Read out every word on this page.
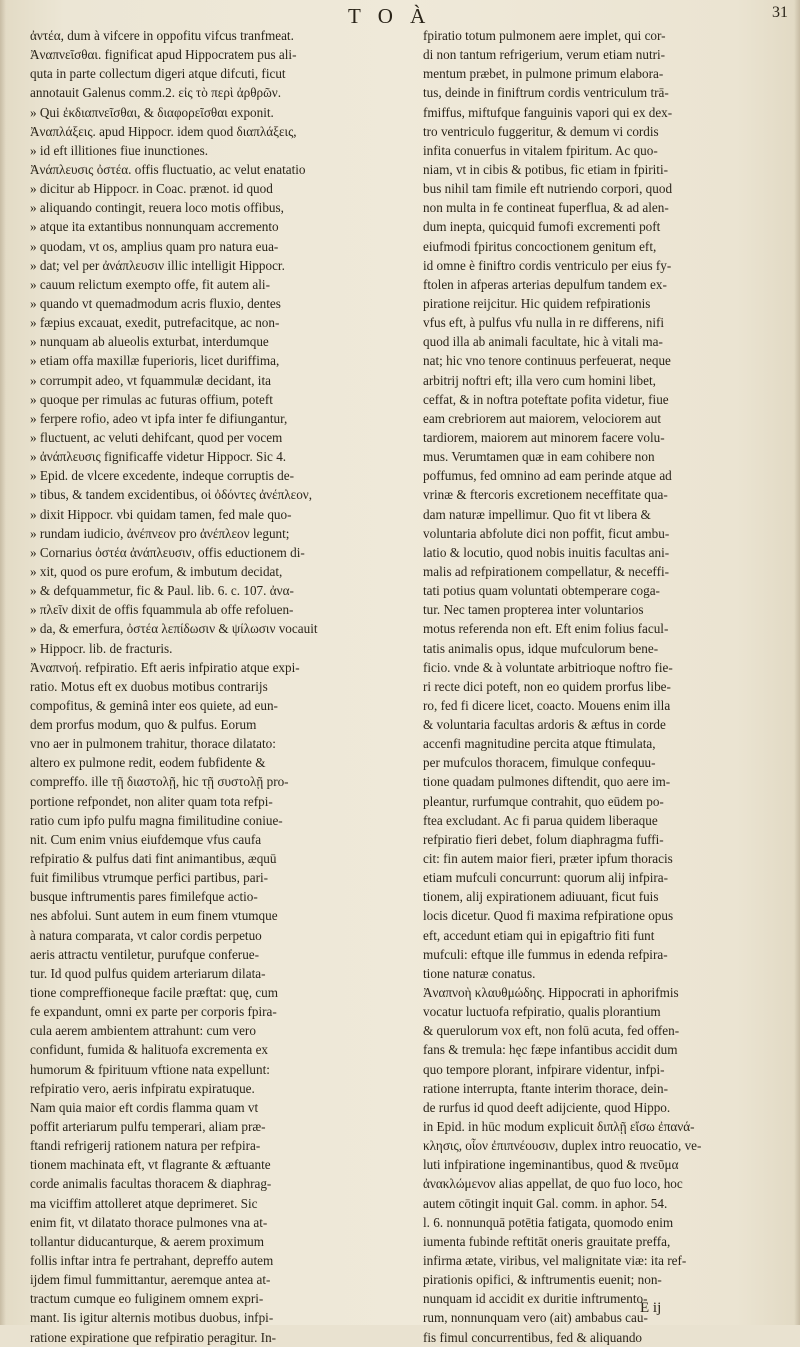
T O À	31
ἀντέα, dum à vifcere in oppofitu vifcus tranfmeat.
Ἀναπνεῖσθαι. fignificat apud Hippocratem pus ali-
quta in parte collectum digeri atque difcuti, ficut
annotauit Galenus comm.2. εἰς τὸ περὶ ἀρθρῶν.
» Qui ἐκδιαπνεῖσθαι, & διαφορεῖσθαι exponit.
Ἀναπλάξεις. apud Hippocr. idem quod διαπλάξεις,
» id eft illitiones fiue inunctiones.
Ἀνάπλευσις ὀστέα. offis fluctuatio, ac velut enatatio
» dicitur ab Hippocr. in Coac. prænot. id quod
» aliquando contingit, reuera loco motis offibus,
» atque ita extantibus nonnunquam accremento
» quodam, vt os, amplius quam pro natura eua-
» dat; vel per ἀνάπλευσιν illic intelligit Hippocr.
» cauum relictum exempto offe, fit autem ali-
» quando vt quemadmodum acris fluxio, dentes
» fæpius excauat, exedit, putrefacitque, ac non-
» nunquam ab alueolis exturbat, interdumque
» etiam offa maxillæ fuperioris, licet duriffima,
» corrumpit adeo, vt fquammulæ decidant, ita
» quoque per rimulas ac futuras offium, poteft
» ferpere rofio, adeo vt ipfa inter fe difiungantur,
» fluctuent, ac veluti dehifcant, quod per vocem
» ἀνάπλευσις fignificaffe videtur Hippocr. Sic 4.
» Epid. de vlcere excedente, indeque corruptis de-
» tibus, & tandem excidentibus, οἱ ὀδόντες ἀνέπλεον,
» dixit Hippocr. vbi quidam tamen, fed male quo-
» rundam iudicio, ἀνέπνεον pro ἀνέπλεον legunt;
» Cornarius ὀστέα ἀνάπλευσιν, offis eductionem di-
» xit, quod os pure erofum, & imbutum decidat,
» & defquammetur, fic & Paul. lib. 6. c. 107. ἀνα-
» πλεῖν dixit de offis fquammula ab offe refoluen-
» da, & emerfura, ὀστέα λεπίδωσιν & ψίλωσιν vocauit
» Hippocr. lib. de fracturis.
Ἀναπνοή. refpiratio. Eft aeris infpiratio atque expi-
ratio. Motus eft ex duobus motibus contrarijs
compofitus, & geminâ inter eos quiete, ad eun-
dem prorfus modum, quo & pulfus. Eorum
vno aer in pulmonem trahitur, thorace dilatato:
altero ex pulmone redit, eodem fubfidente &
compreffo. ille τῇ διαστολῇ, hic τῇ συστολῇ pro-
portione refpondet, non aliter quam tota refpi-
ratio cum ipfo pulfu magna fimilitudine coniue-
nit. Cum enim vnius eiufdemque vfus caufa
refpiratio & pulfus dati fint animantibus, æquū
fuit fimilibus vtrumque perfici partibus, pari-
busque inftrumentis pares fimilefque actio-
nes abfolui. Sunt autem in eum finem vtumque
à natura comparata, vt calor cordis perpetuo
aeris attractu ventiletur, purufque conferue-
tur. Id quod pulfus quidem arteriarum dilata-
tione compreffioneque facile præftat: quę, cum
fe expandunt, omni ex parte per corporis fpira-
cula aerem ambientem attrahunt: cum vero
confidunt, fumida & halituofa excrementa ex
humorum & fpirituum vftione nata expellunt:
refpiratio vero, aeris infpiratu expiratuque.
Nam quia maior eft cordis flamma quam vt
poffit arteriarum pulfu temperari, aliam præ-
ftandi refrigerij rationem natura per refpira-
tionem machinata eft, vt flagrante & æftuante
corde animalis facultas thoracem & diaphrag-
ma viciffim attolleret atque deprimeret. Sic
enim fit, vt dilatato thorace pulmones vna at-
tollantur diducanturque, & aerem proximum
follis inftar intra fe pertrahant, depreffo autem
ijdem fimul fummittantur, aeremque antea at-
tractum cumque eo fuliginem omnem expri-
mant. Iis igitur alternis motibus duobus, infpi-
ratione expiratione que refpiratio peragitur. In-
fpiratio totum pulmonem aere implet, qui cor-
di non tantum refrigerium, verum etiam nutri-
mentum præbet, in pulmone primum elabora-
tus, deinde in finiftrum cordis ventriculum trā-
fmiffus, miftufque fanguinis vapori qui ex dex-
tro ventriculo fuggeritur, & demum vi cordis
infita conuerfus in vitalem fpiritum. Ac quo-
niam, vt in cibis & potibus, fic etiam in fpiriti-
bus nihil tam fimile eft nutriendo corpori, quod
non multa in fe contineat fuperflua, & ad alen-
dum inepta, quicquid fumofi excrementi poft
eiufmodi fpiritus concoctionem genitum eft,
id omne è finiftro cordis ventriculo per eius fy-
ftolen in afperas arterias depulfum tandem ex-
piratione reijcitur. Hic quidem refpirationis
vfus eft, à pulfus vfu nulla in re differens, nifi
quod illa ab animali facultate, hic à vitali ma-
nat; hic vno tenore continuus perfeuerat, neque
arbitrij noftri eft; illa vero cum homini libet,
ceffat, & in noftra poteftate pofita videtur, fiue
eam crebriorem aut maiorem, velociorem aut
tardiorem, maiorem aut minorem facere volu-
mus. Verumtamen quæ in eam cohibere non
poffumus, fed omnino ad eam perinde atque ad
vrinæ & ftercoris excretionem neceffitate qua-
dam naturæ impellimur. Quo fit vt libera &
voluntaria abfolute dici non poffit, ficut ambu-
latio & locutio, quod nobis inuitis facultas ani-
malis ad refpirationem compellatur, & neceffi-
tati potius quam voluntati obtemperare coga-
tur. Nec tamen propterea inter voluntarios
motus referenda non eft. Eft enim folius facul-
tatis animalis opus, idque mufculorum bene-
ficio. vnde & à voluntate arbitrioque noftro fie-
ri recte dici poteft, non eo quidem prorfus libe-
ro, fed fi dicere licet, coacto. Mouens enim illa
& voluntaria facultas ardoris & æftus in corde
accenfi magnitudine percita atque ftimulata,
per mufculos thoracem, fimulque confequu-
tione quadam pulmones diftendit, quo aere im-
pleantur, rurfumque contrahit, quo eūdem po-
ftea excludant. Ac fi parua quidem liberaque
refpiratio fieri debet, folum diaphragma fuffi-
cit: fin autem maior fieri, præter ipfum thoracis
etiam mufculi concurrunt: quorum alij infpira-
tionem, alij expirationem adiuuant, ficut fuis
locis dicetur. Quod fi maxima refpiratione opus
eft, accedunt etiam qui in epigaftrio fiti funt
mufculi: eftque ille fummus in edenda refpira-
tione naturæ conatus.
Ἀναπνοὴ κλαυθμώδης. Hippocrati in aphorifmis
vocatur luctuofa refpiratio, qualis plorantium
& querulorum vox eft, non folū acuta, fed offen-
fans & tremula: hęc fæpe infantibus accidit dum
quo tempore plorant, infpirare videntur, infpi-
ratione interrupta, ftante interim thorace, dein-
de rurfus id quod deeft adijciente, quod Hippo.
in Epid. in hūc modum explicuit διπλῇ εἴσω ἐπανά-
κλησις, οἷον ἐπιπνέουσιν, duplex intro reuocatio, ve-
luti infpiratione ingeminantibus, quod & πνεῦμα
ἀνακλώμενον alias appellat, de quo fuo loco, hoc
autem cōtingit inquit Gal. comm. in aphor. 54.
l. 6. nonnunquā potētia fatigata, quomodo enim
iumenta fubinde reftitāt oneris grauitate preffa,
infirma ætate, viribus, vel malignitate viæ: ita ref-
pirationis opifici, & inftrumentis euenit; non-
nunquam id accidit ex duritie inftrumento-
rum, nonnunquam vero (ait) ambabus cau-
fis fimul concurrentibus, fed & aliquando
E ij
